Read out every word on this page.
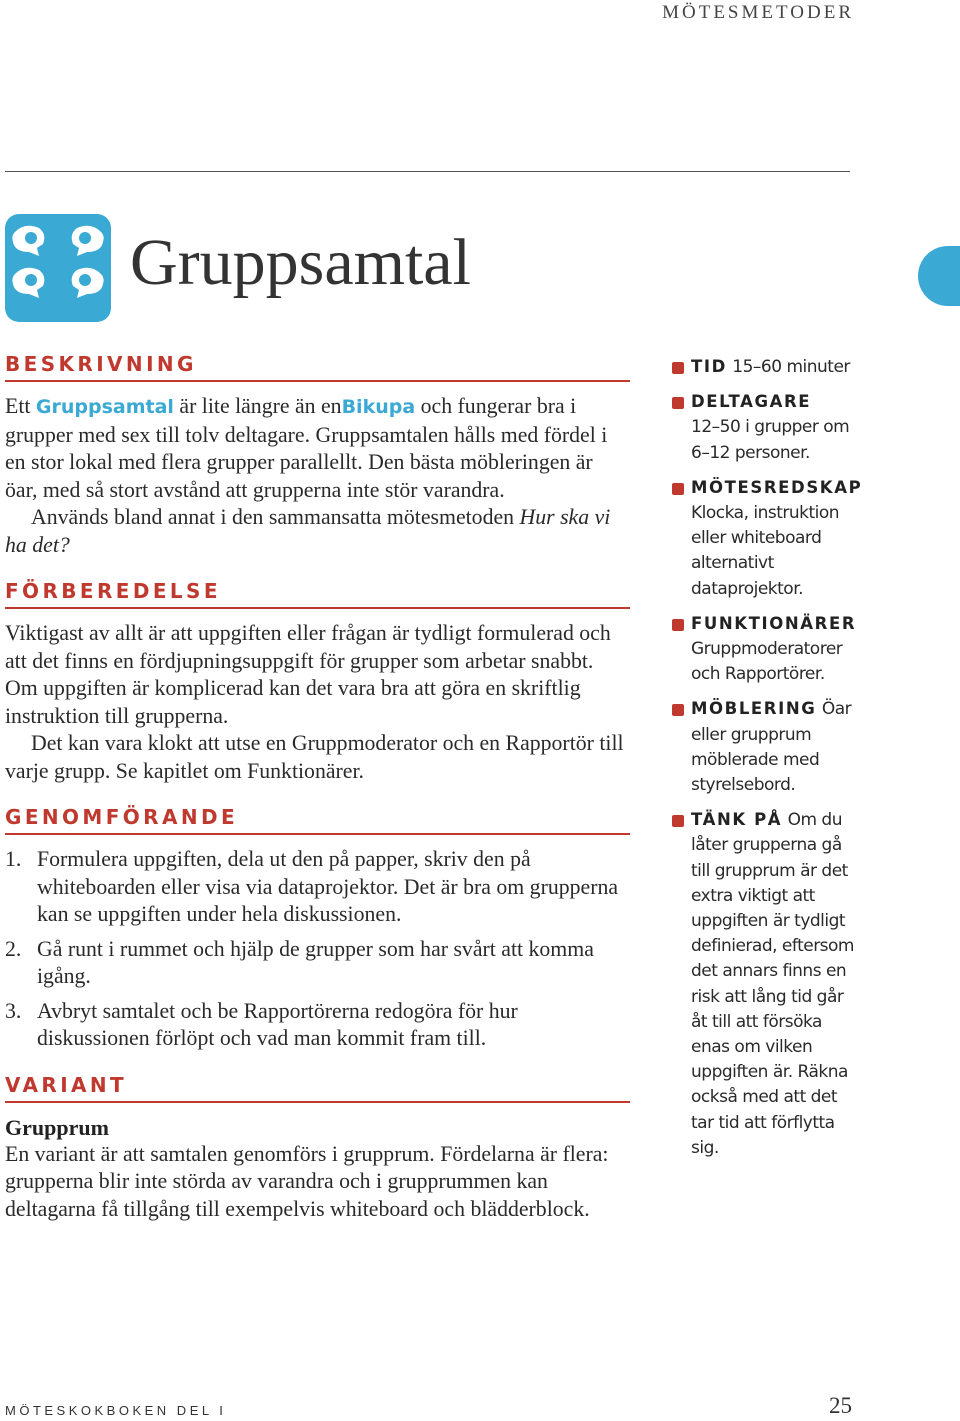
MÖTESMETODER
Gruppsamtal
BESKRIVNING

Ett Gruppsamtal är lite längre än enBikupa och fungerar bra i grupper med sex till tolv deltagare. Gruppsamtalen hålls med fördel i en stor lokal med flera grupper parallellt. Den bästa möbleringen är öar, med så stort avstånd att grupperna inte stör varandra.

Används bland annat i den sammansatta mötesmetoden Hur ska vi ha det?

FÖRBEREDELSE

Viktigast av allt är att uppgiften eller frågan är tydligt formulerad och att det finns en fördjupningsuppgift för grupper som arbetar snabbt. Om uppgiften är komplicerad kan det vara bra att göra en skriftlig instruktion till grupperna.

Det kan vara klokt att utse en Gruppmoderator och en Rapportör till varje grupp. Se kapitlet om Funktionärer.

GENOMFÖRANDE
1. Formulera uppgiften, dela ut den på papper, skriv den på whiteboarden eller visa via dataprojektor. Det är bra om grupperna kan se uppgiften under hela diskussionen.
2. Gå runt i rummet och hjälp de grupper som har svårt att komma igång.
3. Avbryt samtalet och be Rapportörerna redogöra för hur diskussionen förlöpt och vad man kommit fram till.
VARIANT
Grupprum

En variant är att samtalen genomförs i grupprum. Fördelarna är flera: grupperna blir inte störda av varandra och i grupprummen kan deltagarna få tillgång till exempelvis whiteboard och blädderblock.

TID 15–60 minuter
DELTAGARE
12–50 i grupper om 6–12 personer.
MÖTESREDSKAP
Klocka, instruktion eller whiteboard alternativt dataprojektor.
FUNKTIONÄRER
Gruppmoderatorer och Rapportörer.
MÖBLERING Öar eller grupprum möblerade med styrelsebord.
TÄNK PÅ Om du låter grupperna gå till grupprum är det extra viktigt att uppgiften är tydligt definierad, eftersom det annars finns en risk att lång tid går åt till att försöka enas om vilken uppgiften är. Räkna också med att det tar tid att förflytta sig.
MÖTESKOKBOKEN DEL I	25
